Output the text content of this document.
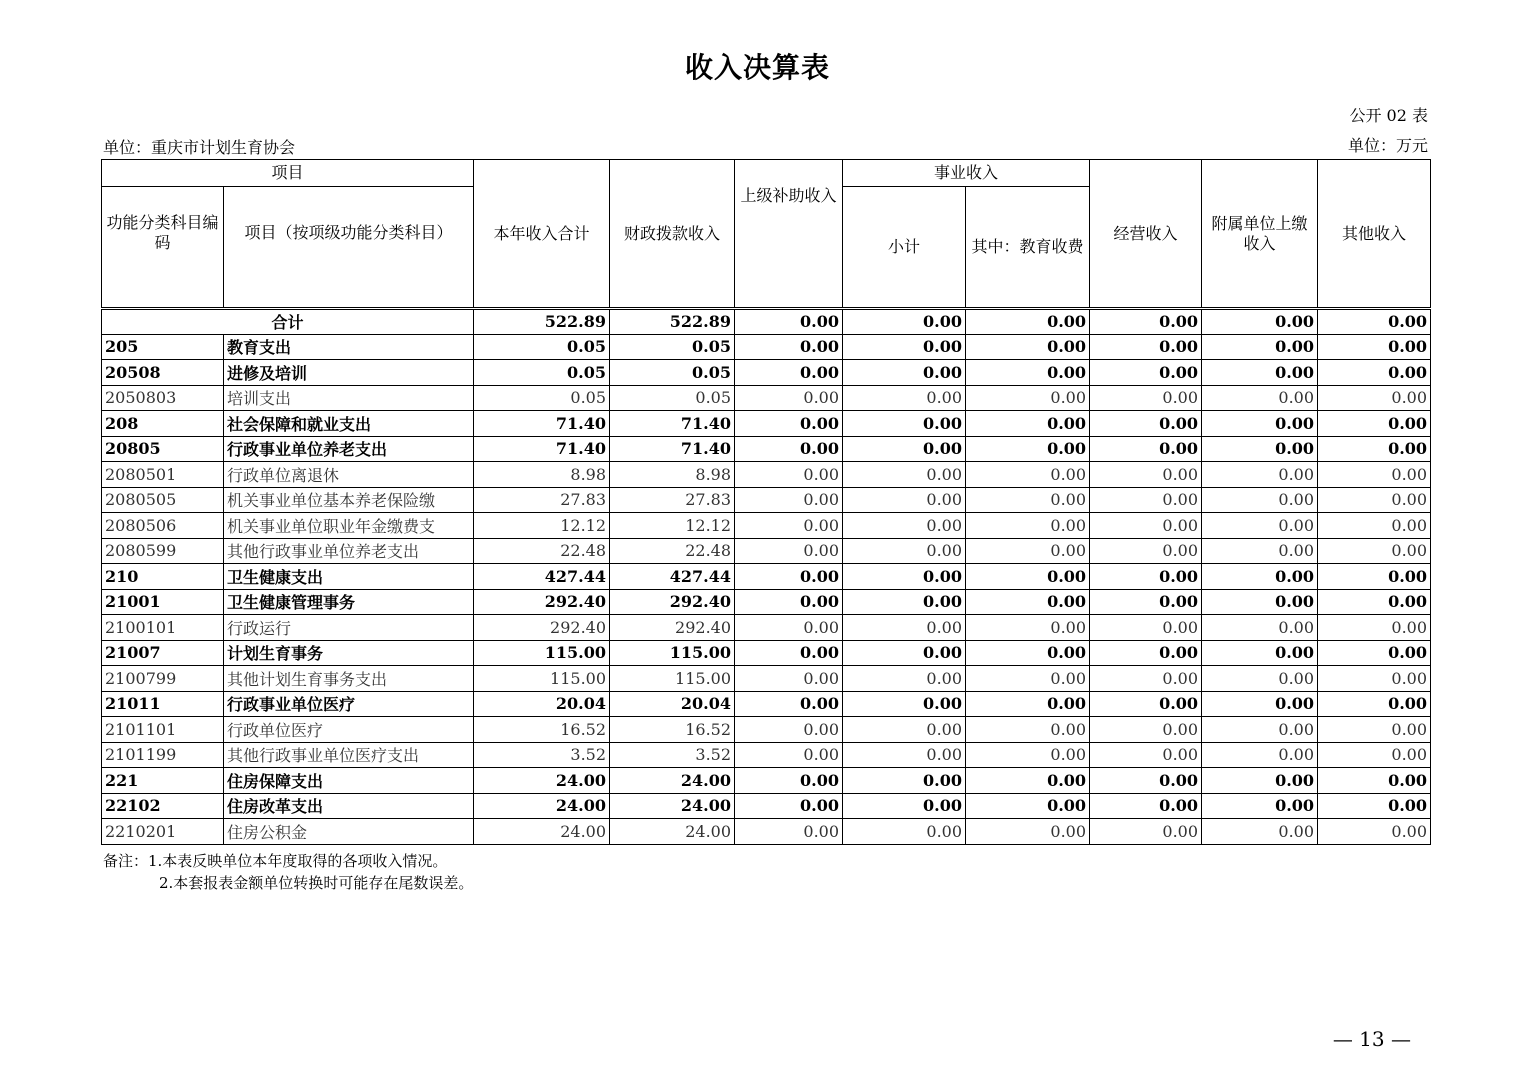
收入决算表
公开 02 表
单位：重庆市计划生育协会	单位：万元
项目		本年收入合计	财政拨款收入	上级补助收入	事业收入		经营收入	附属单位上缴收入	其他收入
功能分类科目编码	项目（按项级功能分类科目）				小计	其中：教育收费			
合计		522.89	522.89	0.00	0.00	0.00	0.00	0.00	0.00
205	教育支出	0.05	0.05	0.00	0.00	0.00	0.00	0.00	0.00
20508	进修及培训	0.05	0.05	0.00	0.00	0.00	0.00	0.00	0.00
2050803	培训支出	0.05	0.05	0.00	0.00	0.00	0.00	0.00	0.00
208	社会保障和就业支出	71.40	71.40	0.00	0.00	0.00	0.00	0.00	0.00
20805	行政事业单位养老支出	71.40	71.40	0.00	0.00	0.00	0.00	0.00	0.00
2080501	行政单位离退休	8.98	8.98	0.00	0.00	0.00	0.00	0.00	0.00
2080505	机关事业单位基本养老保险缴	27.83	27.83	0.00	0.00	0.00	0.00	0.00	0.00
2080506	机关事业单位职业年金缴费支	12.12	12.12	0.00	0.00	0.00	0.00	0.00	0.00
2080599	其他行政事业单位养老支出	22.48	22.48	0.00	0.00	0.00	0.00	0.00	0.00
210	卫生健康支出	427.44	427.44	0.00	0.00	0.00	0.00	0.00	0.00
21001	卫生健康管理事务	292.40	292.40	0.00	0.00	0.00	0.00	0.00	0.00
2100101	行政运行	292.40	292.40	0.00	0.00	0.00	0.00	0.00	0.00
21007	计划生育事务	115.00	115.00	0.00	0.00	0.00	0.00	0.00	0.00
2100799	其他计划生育事务支出	115.00	115.00	0.00	0.00	0.00	0.00	0.00	0.00
21011	行政事业单位医疗	20.04	20.04	0.00	0.00	0.00	0.00	0.00	0.00
2101101	行政单位医疗	16.52	16.52	0.00	0.00	0.00	0.00	0.00	0.00
2101199	其他行政事业单位医疗支出	3.52	3.52	0.00	0.00	0.00	0.00	0.00	0.00
221	住房保障支出	24.00	24.00	0.00	0.00	0.00	0.00	0.00	0.00
22102	住房改革支出	24.00	24.00	0.00	0.00	0.00	0.00	0.00	0.00
2210201	住房公积金	24.00	24.00	0.00	0.00	0.00	0.00	0.00	0.00
备注：1.本表反映单位本年度取得的各项收入情况。
2.本套报表金额单位转换时可能存在尾数误差。
— 13 —
